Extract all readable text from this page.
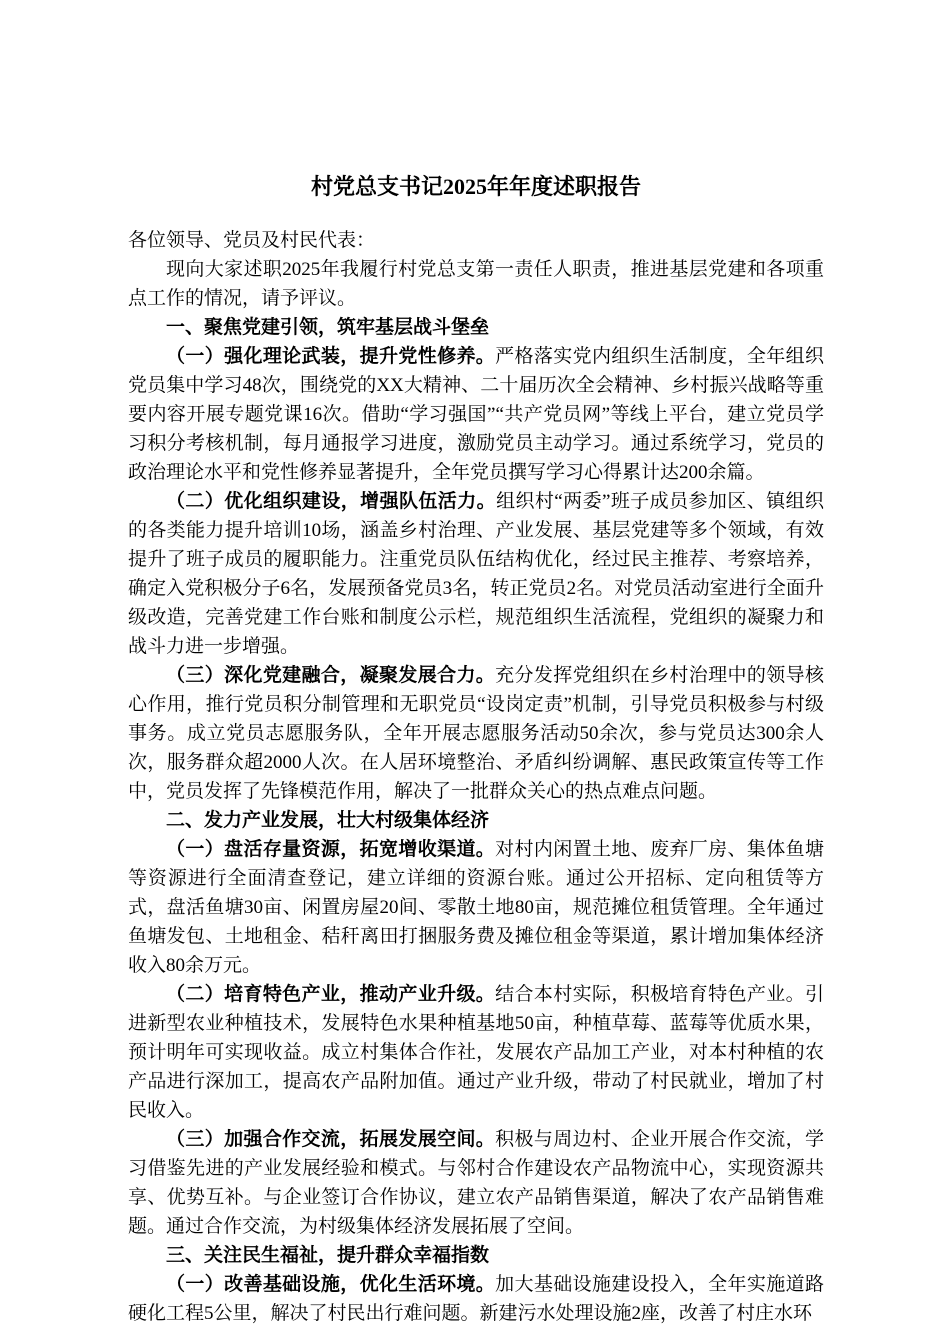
村党总支书记2025年年度述职报告

各位领导、党员及村民代表：

现向大家述职2025年我履行村党总支第一责任人职责，推进基层党建和各项重点工作的情况，请予评议。

一、聚焦党建引领，筑牢基层战斗堡垒

（一）强化理论武装，提升党性修养。严格落实党内组织生活制度，全年组织党员集中学习48次，围绕党的XX大精神、二十届历次全会精神、乡村振兴战略等重要内容开展专题党课16次。借助“学习强国”“共产党员网”等线上平台，建立党员学习积分考核机制，每月通报学习进度，激励党员主动学习。通过系统学习，党员的政治理论水平和党性修养显著提升，全年党员撰写学习心得累计达200余篇。

（二）优化组织建设，增强队伍活力。组织村“两委”班子成员参加区、镇组织的各类能力提升培训10场，涵盖乡村治理、产业发展、基层党建等多个领域，有效提升了班子成员的履职能力。注重党员队伍结构优化，经过民主推荐、考察培养，确定入党积极分子6名，发展预备党员3名，转正党员2名。对党员活动室进行全面升级改造，完善党建工作台账和制度公示栏，规范组织生活流程，党组织的凝聚力和战斗力进一步增强。

（三）深化党建融合，凝聚发展合力。充分发挥党组织在乡村治理中的领导核心作用，推行党员积分制管理和无职党员“设岗定责”机制，引导党员积极参与村级事务。成立党员志愿服务队，全年开展志愿服务活动50余次，参与党员达300余人次，服务群众超2000人次。在人居环境整治、矛盾纠纷调解、惠民政策宣传等工作中，党员发挥了先锋模范作用，解决了一批群众关心的热点难点问题。

二、发力产业发展，壮大村级集体经济

（一）盘活存量资源，拓宽增收渠道。对村内闲置土地、废弃厂房、集体鱼塘等资源进行全面清查登记，建立详细的资源台账。通过公开招标、定向租赁等方式，盘活鱼塘30亩、闲置房屋20间、零散土地80亩，规范摊位租赁管理。全年通过鱼塘发包、土地租金、秸秆离田打捆服务费及摊位租金等渠道，累计增加集体经济收入80余万元。

（二）培育特色产业，推动产业升级。结合本村实际，积极培育特色产业。引进新型农业种植技术，发展特色水果种植基地50亩，种植草莓、蓝莓等优质水果，预计明年可实现收益。成立村集体合作社，发展农产品加工产业，对本村种植的农产品进行深加工，提高农产品附加值。通过产业升级，带动了村民就业，增加了村民收入。

（三）加强合作交流，拓展发展空间。积极与周边村、企业开展合作交流，学习借鉴先进的产业发展经验和模式。与邻村合作建设农产品物流中心，实现资源共享、优势互补。与企业签订合作协议，建立农产品销售渠道，解决了农产品销售难题。通过合作交流，为村级集体经济发展拓展了空间。

三、关注民生福祉，提升群众幸福指数

（一）改善基础设施，优化生活环境。加大基础设施建设投入，全年实施道路硬化工程5公里，解决了村民出行难问题。新建污水处理设施2座，改善了村庄水环
